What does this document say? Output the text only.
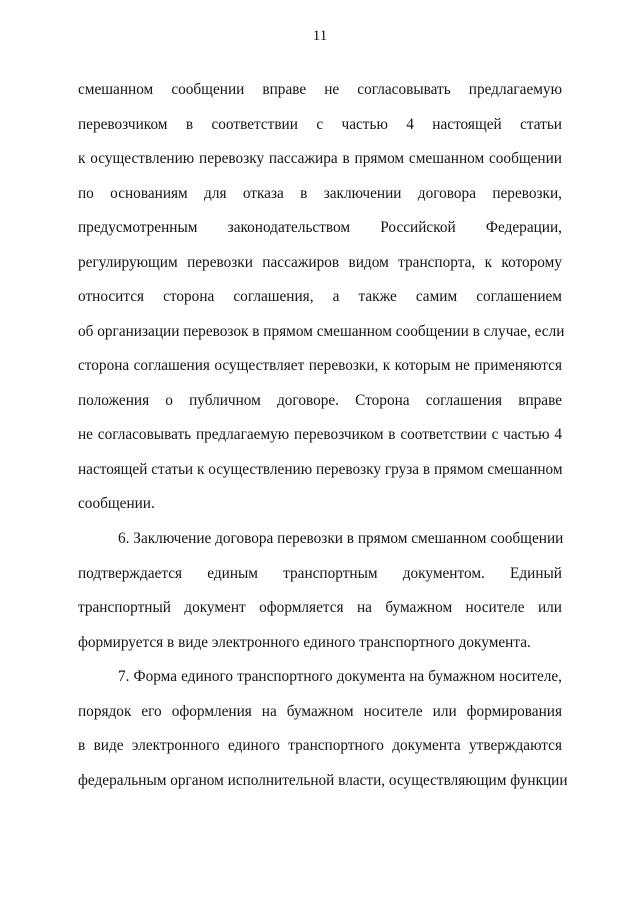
11
смешанном сообщении вправе не согласовывать предлагаемую
перевозчиком в соответствии с частью 4 настоящей статьи
к осуществлению перевозку пассажира в прямом смешанном сообщении
по основаниям для отказа в заключении договора перевозки,
предусмотренным законодательством Российской Федерации,
регулирующим перевозки пассажиров видом транспорта, к которому
относится сторона соглашения, а также самим соглашением
об организации перевозок в прямом смешанном сообщении в случае, если
сторона соглашения осуществляет перевозки, к которым не применяются
положения о публичном договоре. Сторона соглашения вправе
не согласовывать предлагаемую перевозчиком в соответствии с частью 4
настоящей статьи к осуществлению перевозку груза в прямом смешанном
сообщении.
6. Заключение договора перевозки в прямом смешанном сообщении
подтверждается единым транспортным документом. Единый
транспортный документ оформляется на бумажном носителе или
формируется в виде электронного единого транспортного документа.
7. Форма единого транспортного документа на бумажном носителе,
порядок его оформления на бумажном носителе или формирования
в виде электронного единого транспортного документа утверждаются
федеральным органом исполнительной власти, осуществляющим функции
